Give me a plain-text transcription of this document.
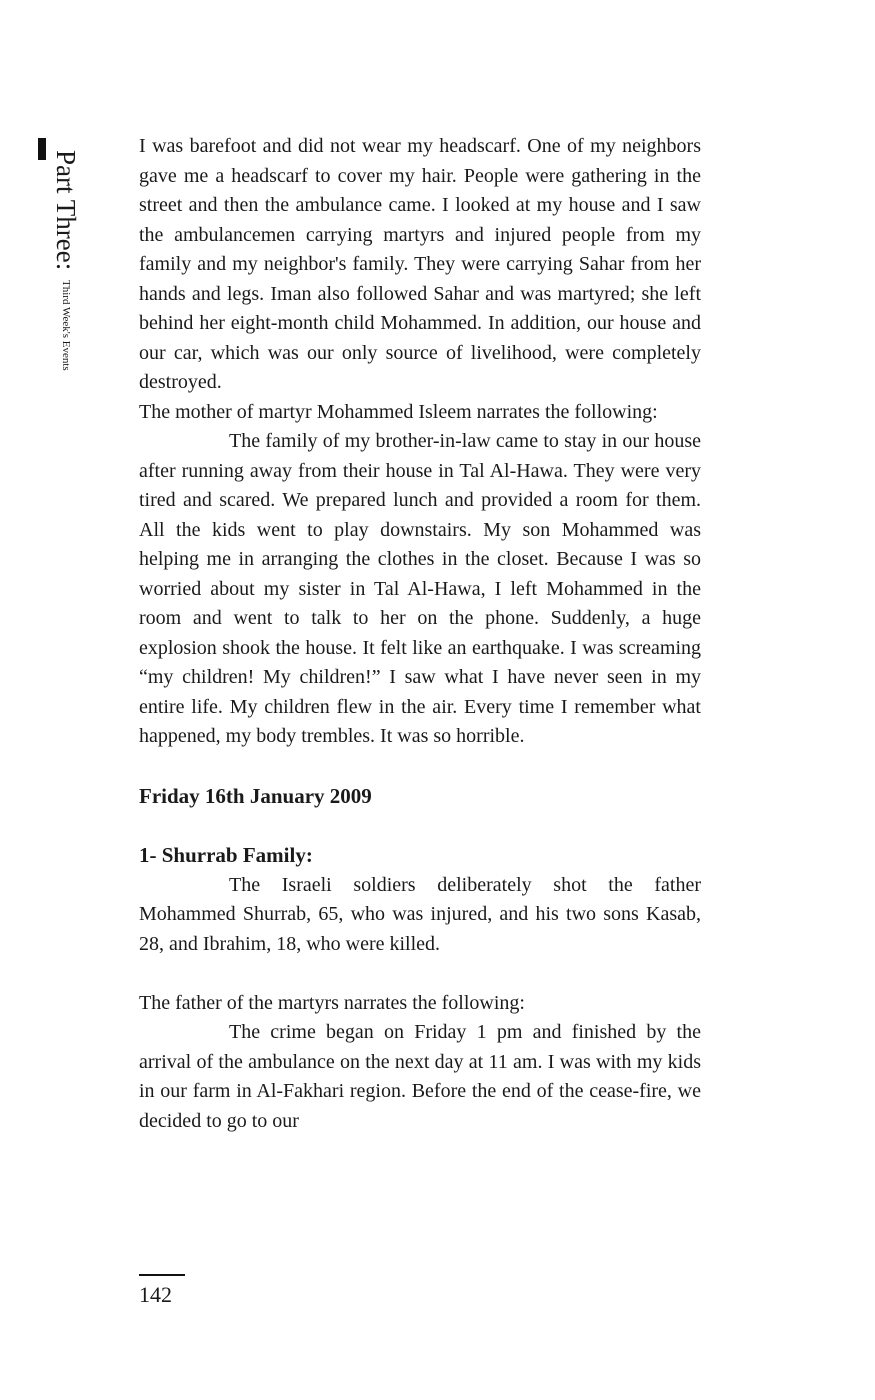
Part Three: Third Week's Events

I was barefoot and did not wear my headscarf. One of my neighbors gave me a headscarf to cover my hair. People were gathering in the street and then the ambulance came. I looked at my house and I saw the ambulancemen carrying martyrs and injured people from my family and my neighbor's family. They were carrying Sahar from her hands and legs. Iman also followed Sahar and was martyred; she left behind her eight-month child Mohammed. In addition, our house and our car, which was our only source of livelihood, were completely destroyed.

The mother of martyr Mohammed Isleem narrates the following:

The family of my brother-in-law came to stay in our house after running away from their house in Tal Al-Hawa. They were very tired and scared. We prepared lunch and provided a room for them. All the kids went to play downstairs. My son Mohammed was helping me in arranging the clothes in the closet. Because I was so worried about my sister in Tal Al-Hawa, I left Mohammed in the room and went to talk to her on the phone. Suddenly, a huge explosion shook the house. It felt like an earthquake. I was screaming “my children! My children!” I saw what I have never seen in my entire life. My children flew in the air. Every time I remember what happened, my body trembles. It was so horrible.

Friday 16th January 2009
1- Shurrab Family:

The Israeli soldiers deliberately shot the father Mohammed Shurrab, 65, who was injured, and his two sons Kasab, 28, and Ibrahim, 18, who were killed.

The father of the martyrs narrates the following:

The crime began on Friday 1 pm and finished by the arrival of the ambulance on the next day at 11 am. I was with my kids in our farm in Al-Fakhari region. Before the end of the cease-fire, we decided to go to our

142
